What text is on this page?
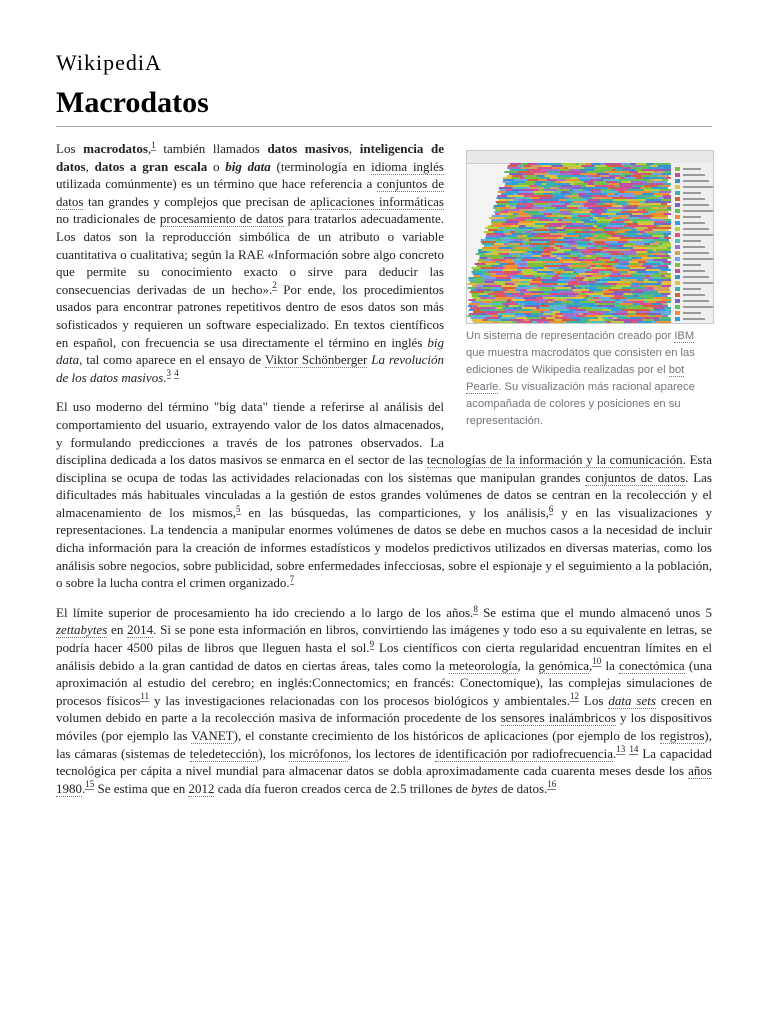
WikipediA
Macrodatos
Un sistema de representación creado por IBM que muestra macrodatos que consisten en las ediciones de Wikipedia realizadas por el bot Pearle. Su visualización más racional aparece acompañada de colores y posiciones en su representación.

Los macrodatos,$^1$ también llamados datos masivos, inteligencia de datos, datos a gran escala o big data (terminología en idioma inglés utilizada comúnmente) es un término que hace referencia a conjuntos de datos tan grandes y complejos que precisan de aplicaciones informáticas no tradicionales de procesamiento de datos para tratarlos adecuadamente. Los datos son la reproducción simbólica de un atributo o variable cuantitativa o cualitativa; según la RAE «Información sobre algo concreto que permite su conocimiento exacto o sirve para deducir las consecuencias derivadas de un hecho».$^2$ Por ende, los procedimientos usados para encontrar patrones repetitivos dentro de esos datos son más sofisticados y requieren un software especializado. En textos científicos en español, con frecuencia se usa directamente el término en inglés big data, tal como aparece en el ensayo de Viktor Schönberger La revolución de los datos masivos.$^3$ $^4$

El uso moderno del término "big data" tiende a referirse al análisis del comportamiento del usuario, extrayendo valor de los datos almacenados, y formulando predicciones a través de los patrones observados. La disciplina dedicada a los datos masivos se enmarca en el sector de las tecnologías de la información y la comunicación. Esta disciplina se ocupa de todas las actividades relacionadas con los sistemas que manipulan grandes conjuntos de datos. Las dificultades más habituales vinculadas a la gestión de estos grandes volúmenes de datos se centran en la recolección y el almacenamiento de los mismos,$^5$ en las búsquedas, las comparticiones, y los análisis,$^6$ y en las visualizaciones y representaciones. La tendencia a manipular enormes volúmenes de datos se debe en muchos casos a la necesidad de incluir dicha información para la creación de informes estadísticos y modelos predictivos utilizados en diversas materias, como los análisis sobre negocios, sobre publicidad, sobre enfermedades infecciosas, sobre el espionaje y el seguimiento a la población, o sobre la lucha contra el crimen organizado.$^7$

El límite superior de procesamiento ha ido creciendo a lo largo de los años.$^8$ Se estima que el mundo almacenó unos 5 zettabytes en 2014. Si se pone esta información en libros, convirtiendo las imágenes y todo eso a su equivalente en letras, se podría hacer 4500 pilas de libros que lleguen hasta el sol.$^9$ Los científicos con cierta regularidad encuentran límites en el análisis debido a la gran cantidad de datos en ciertas áreas, tales como la meteorología, la genómica,$^{10}$ la conectómica (una aproximación al estudio del cerebro; en inglés:Connectomics; en francés: Conectomique), las complejas simulaciones de procesos físicos$^{11}$ y las investigaciones relacionadas con los procesos biológicos y ambientales.$^{12}$ Los data sets crecen en volumen debido en parte a la recolección masiva de información procedente de los sensores inalámbricos y los dispositivos móviles (por ejemplo las VANET), el constante crecimiento de los históricos de aplicaciones (por ejemplo de los registros), las cámaras (sistemas de teledetección), los micrófonos, los lectores de identificación por radiofrecuencia.$^{13}$ $^{14}$ La capacidad tecnológica per cápita a nivel mundial para almacenar datos se dobla aproximadamente cada cuarenta meses desde los años 1980.15 Se estima que en 2012 cada día fueron creados cerca de 2.5 trillones de bytes de datos.$^{16}$
